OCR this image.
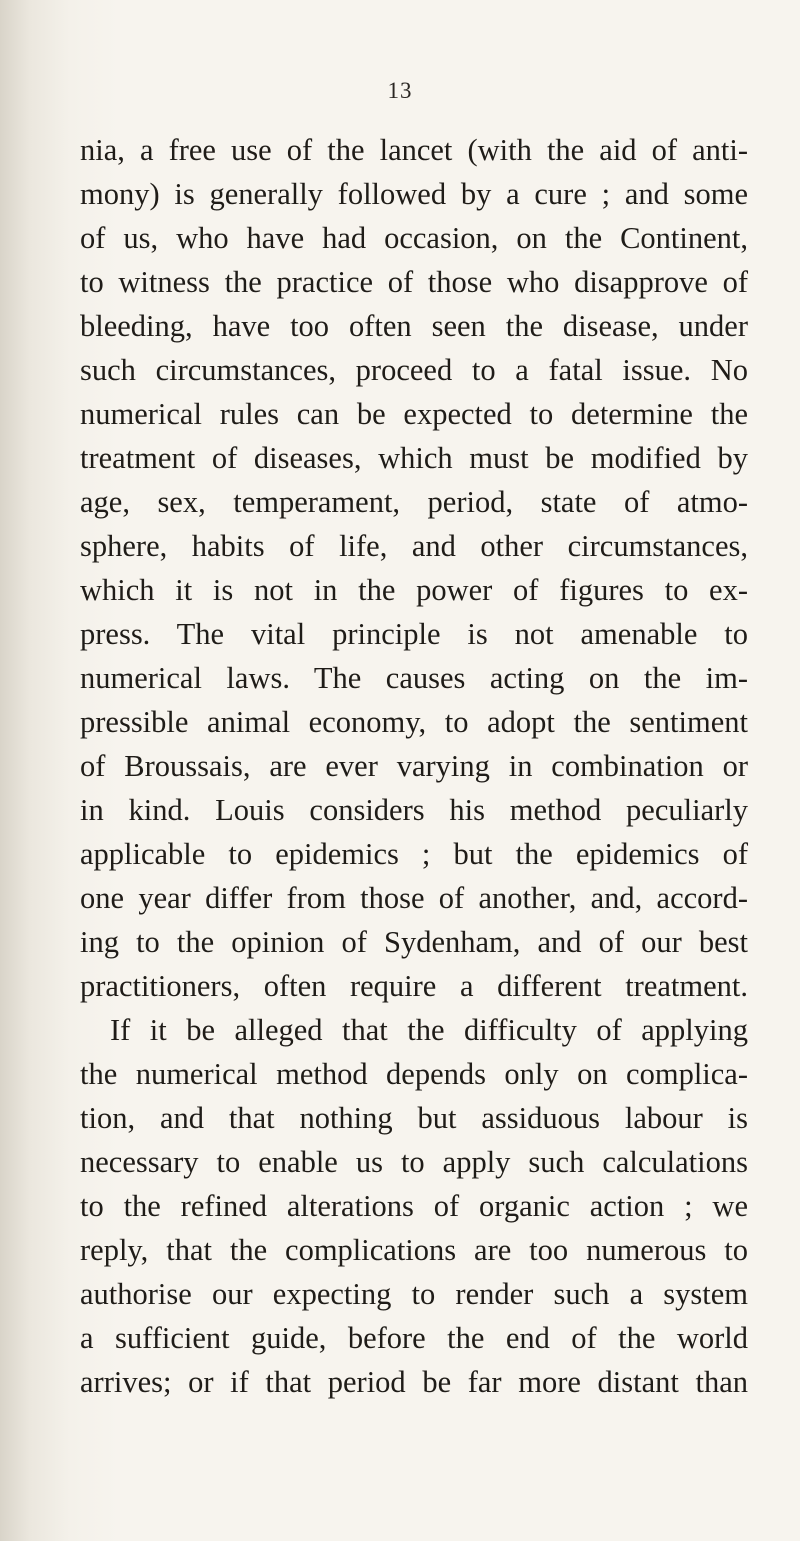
13
nia, a free use of the lancet (with the aid of anti-
mony) is generally followed by a cure ; and some
of us, who have had occasion, on the Continent,
to witness the practice of those who disapprove of
bleeding, have too often seen the disease, under
such circumstances, proceed to a fatal issue. No
numerical rules can be expected to determine the
treatment of diseases, which must be modified by
age, sex, temperament, period, state of atmo-
sphere, habits of life, and other circumstances,
which it is not in the power of figures to ex-
press. The vital principle is not amenable to
numerical laws. The causes acting on the im-
pressible animal economy, to adopt the sentiment
of Broussais, are ever varying in combination or
in kind. Louis considers his method peculiarly
applicable to epidemics ; but the epidemics of
one year differ from those of another, and, accord-
ing to the opinion of Sydenham, and of our best
practitioners, often require a different treatment.
If it be alleged that the difficulty of applying
the numerical method depends only on complica-
tion, and that nothing but assiduous labour is
necessary to enable us to apply such calculations
to the refined alterations of organic action ; we
reply, that the complications are too numerous to
authorise our expecting to render such a system
a sufficient guide, before the end of the world
arrives; or if that period be far more distant than
